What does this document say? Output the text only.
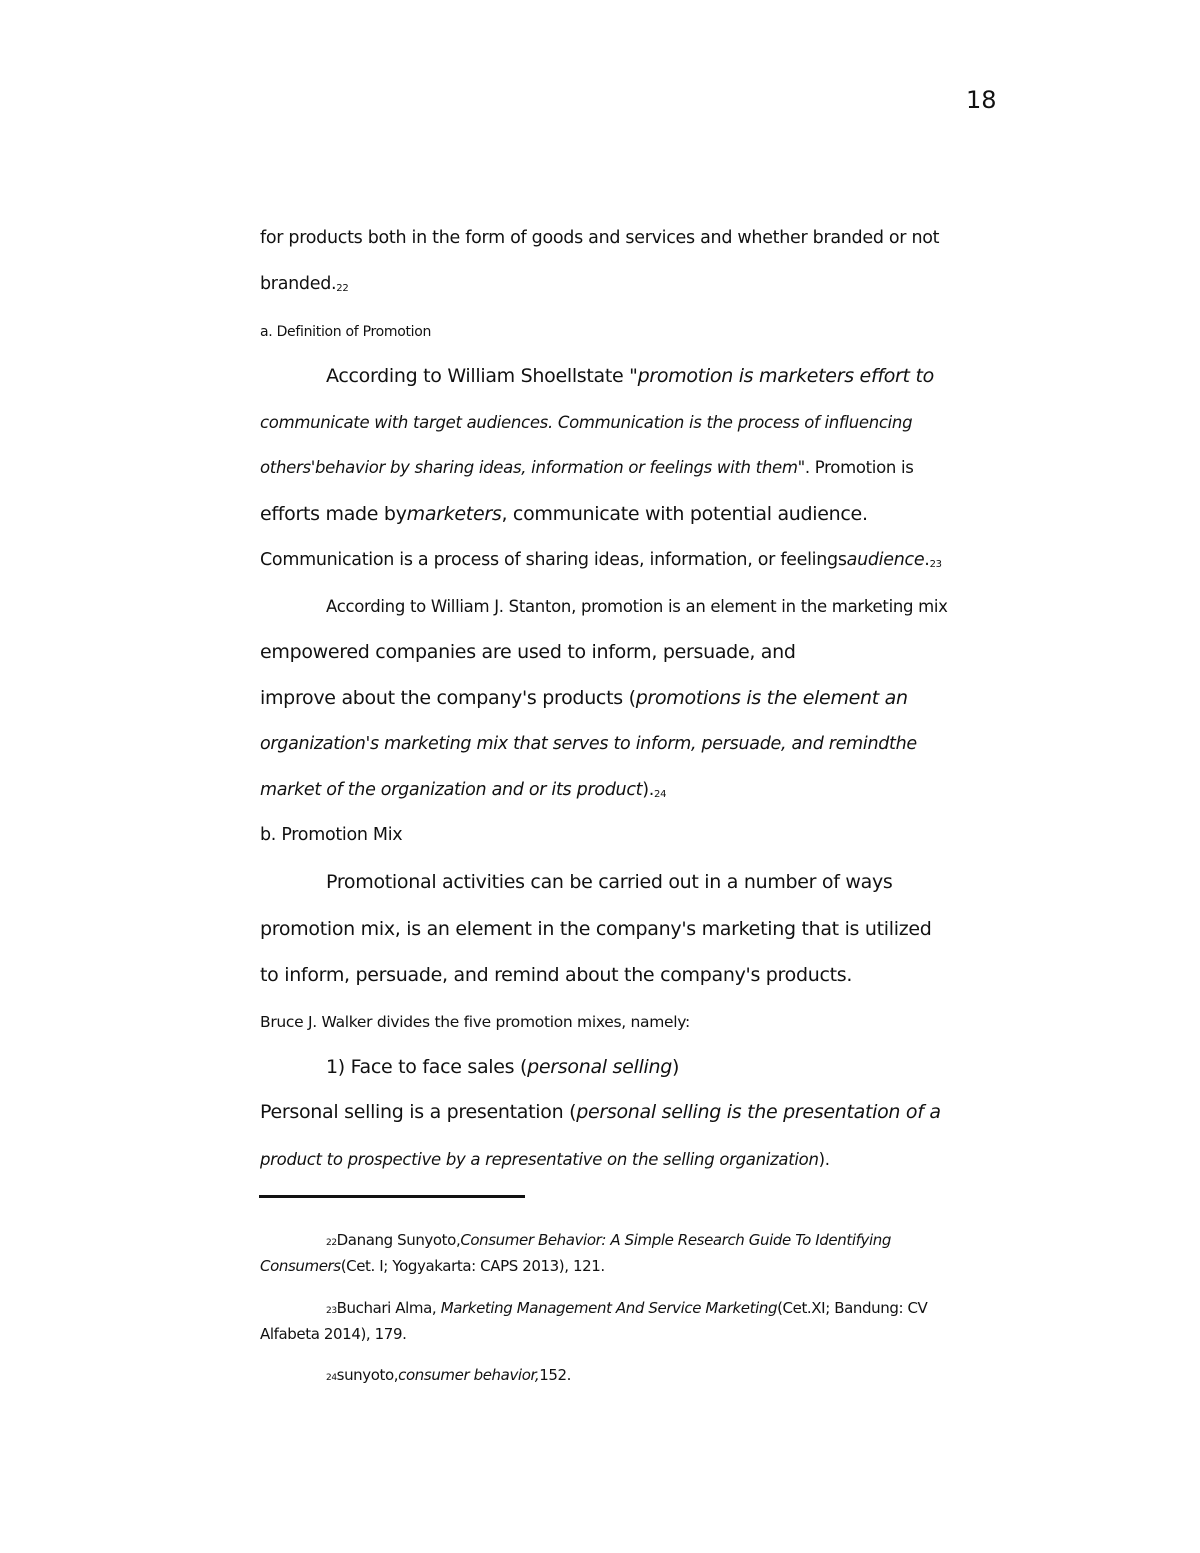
18
for products both in the form of goods and services and whether branded or not
branded.22
a. Definition of Promotion
According to William Shoellstate "promotion is marketers effort to
communicate with target audiences. Communication is the process of influencing
others'behavior by sharing ideas, information or feelings with them". Promotion is
efforts made bymarketers, communicate with potential audience.
Communication is a process of sharing ideas, information, or feelingsaudience.23
According to William J. Stanton, promotion is an element in the marketing mix
empowered companies are used to inform, persuade, and
improve about the company's products (promotions is the element an
organization's marketing mix that serves to inform, persuade, and remindthe
market of the organization and or its product).24
b. Promotion Mix
Promotional activities can be carried out in a number of ways
promotion mix, is an element in the company's marketing that is utilized
to inform, persuade, and remind about the company's products.
Bruce J. Walker divides the five promotion mixes, namely:
1) Face to face sales (personal selling)
Personal selling is a presentation (personal selling is the presentation of a
product to prospective by a representative on the selling organization).
22Danang Sunyoto,Consumer Behavior: A Simple Research Guide To Identifying
Consumers(Cet. I; Yogyakarta: CAPS 2013), 121.
23Buchari Alma, Marketing Management And Service Marketing(Cet.XI; Bandung: CV
Alfabeta 2014), 179.
24sunyoto,consumer behavior,152.
